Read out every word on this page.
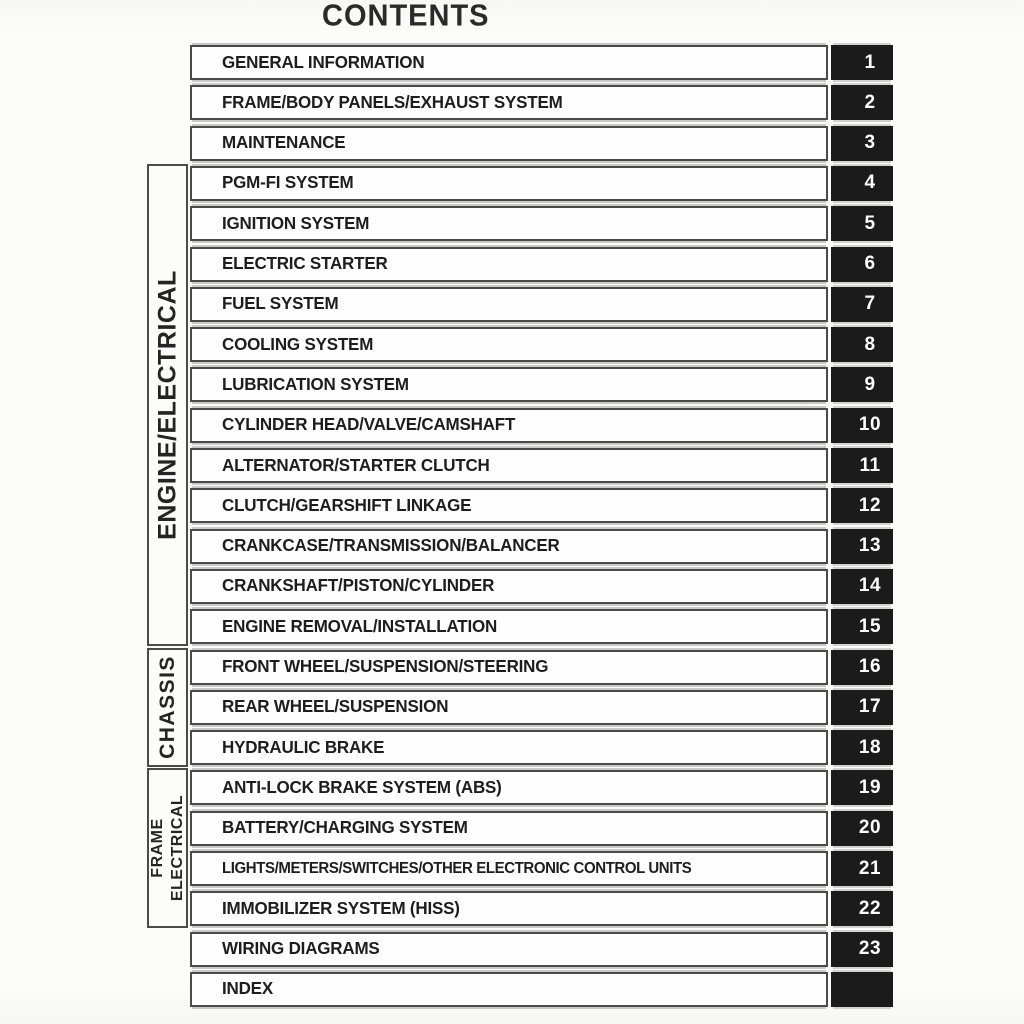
CONTENTS
ENGINE/ELECTRICAL
CHASSIS
FRAME ELECTRICAL
GENERAL INFORMATION	1
FRAME/BODY PANELS/EXHAUST SYSTEM	2
MAINTENANCE	3
PGM-FI SYSTEM	4
IGNITION SYSTEM	5
ELECTRIC STARTER	6
FUEL SYSTEM	7
COOLING SYSTEM	8
LUBRICATION SYSTEM	9
CYLINDER HEAD/VALVE/CAMSHAFT	10
ALTERNATOR/STARTER CLUTCH	11
CLUTCH/GEARSHIFT LINKAGE	12
CRANKCASE/TRANSMISSION/BALANCER	13
CRANKSHAFT/PISTON/CYLINDER	14
ENGINE REMOVAL/INSTALLATION	15
FRONT WHEEL/SUSPENSION/STEERING	16
REAR WHEEL/SUSPENSION	17
HYDRAULIC BRAKE	18
ANTI-LOCK BRAKE SYSTEM (ABS)	19
BATTERY/CHARGING SYSTEM	20
LIGHTS/METERS/SWITCHES/OTHER ELECTRONIC CONTROL UNITS	21
IMMOBILIZER SYSTEM (HISS)	22
WIRING DIAGRAMS	23
INDEX
